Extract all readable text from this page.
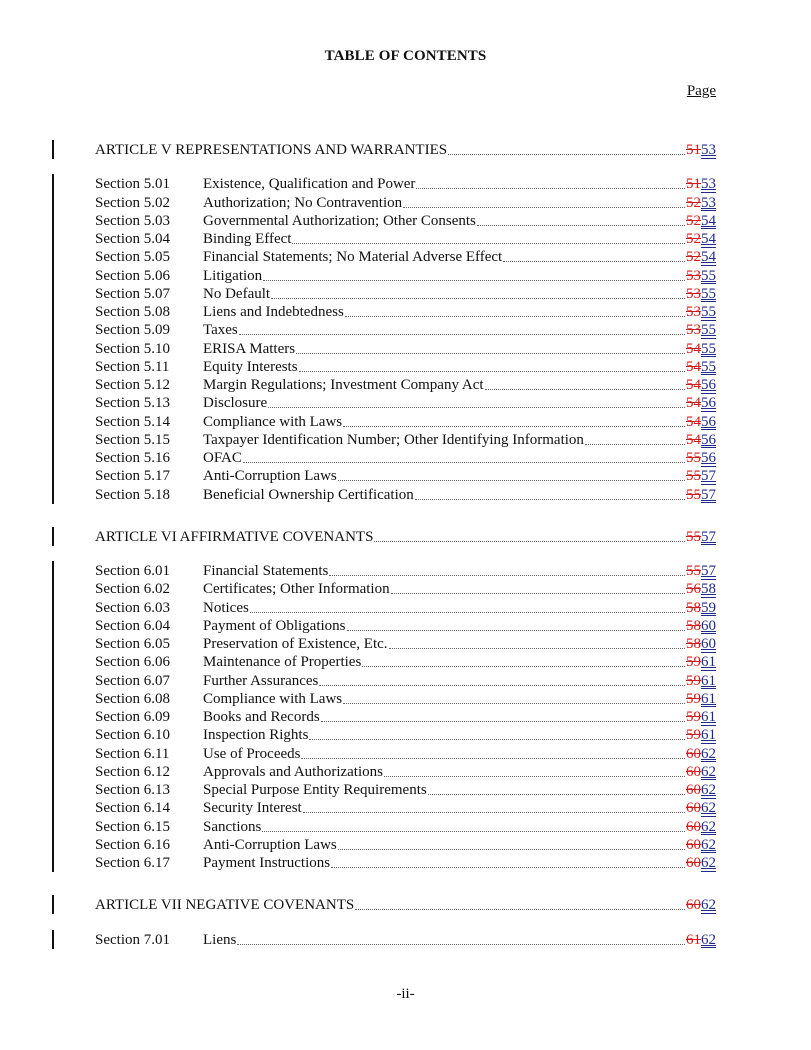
TABLE OF CONTENTS
Page
ARTICLE V REPRESENTATIONS AND WARRANTIES	51 53
Section 5.01	Existence, Qualification and Power	51 53
Section 5.02	Authorization; No Contravention	52 53
Section 5.03	Governmental Authorization; Other Consents	52 54
Section 5.04	Binding Effect	52 54
Section 5.05	Financial Statements; No Material Adverse Effect	52 54
Section 5.06	Litigation	53 55
Section 5.07	No Default	53 55
Section 5.08	Liens and Indebtedness	53 55
Section 5.09	Taxes	53 55
Section 5.10	ERISA Matters	54 55
Section 5.11	Equity Interests	54 55
Section 5.12	Margin Regulations; Investment Company Act	54 56
Section 5.13	Disclosure	54 56
Section 5.14	Compliance with Laws	54 56
Section 5.15	Taxpayer Identification Number; Other Identifying Information	54 56
Section 5.16	OFAC	55 56
Section 5.17	Anti-Corruption Laws	55 57
Section 5.18	Beneficial Ownership Certification	55 57
ARTICLE VI AFFIRMATIVE COVENANTS	55 57
Section 6.01	Financial Statements	55 57
Section 6.02	Certificates; Other Information	56 58
Section 6.03	Notices	58 59
Section 6.04	Payment of Obligations	58 60
Section 6.05	Preservation of Existence, Etc.	58 60
Section 6.06	Maintenance of Properties	59 61
Section 6.07	Further Assurances	59 61
Section 6.08	Compliance with Laws	59 61
Section 6.09	Books and Records	59 61
Section 6.10	Inspection Rights	59 61
Section 6.11	Use of Proceeds	60 62
Section 6.12	Approvals and Authorizations	60 62
Section 6.13	Special Purpose Entity Requirements	60 62
Section 6.14	Security Interest	60 62
Section 6.15	Sanctions	60 62
Section 6.16	Anti-Corruption Laws	60 62
Section 6.17	Payment Instructions	60 62
ARTICLE VII NEGATIVE COVENANTS	60 62
Section 7.01	Liens	61 62
-ii-
